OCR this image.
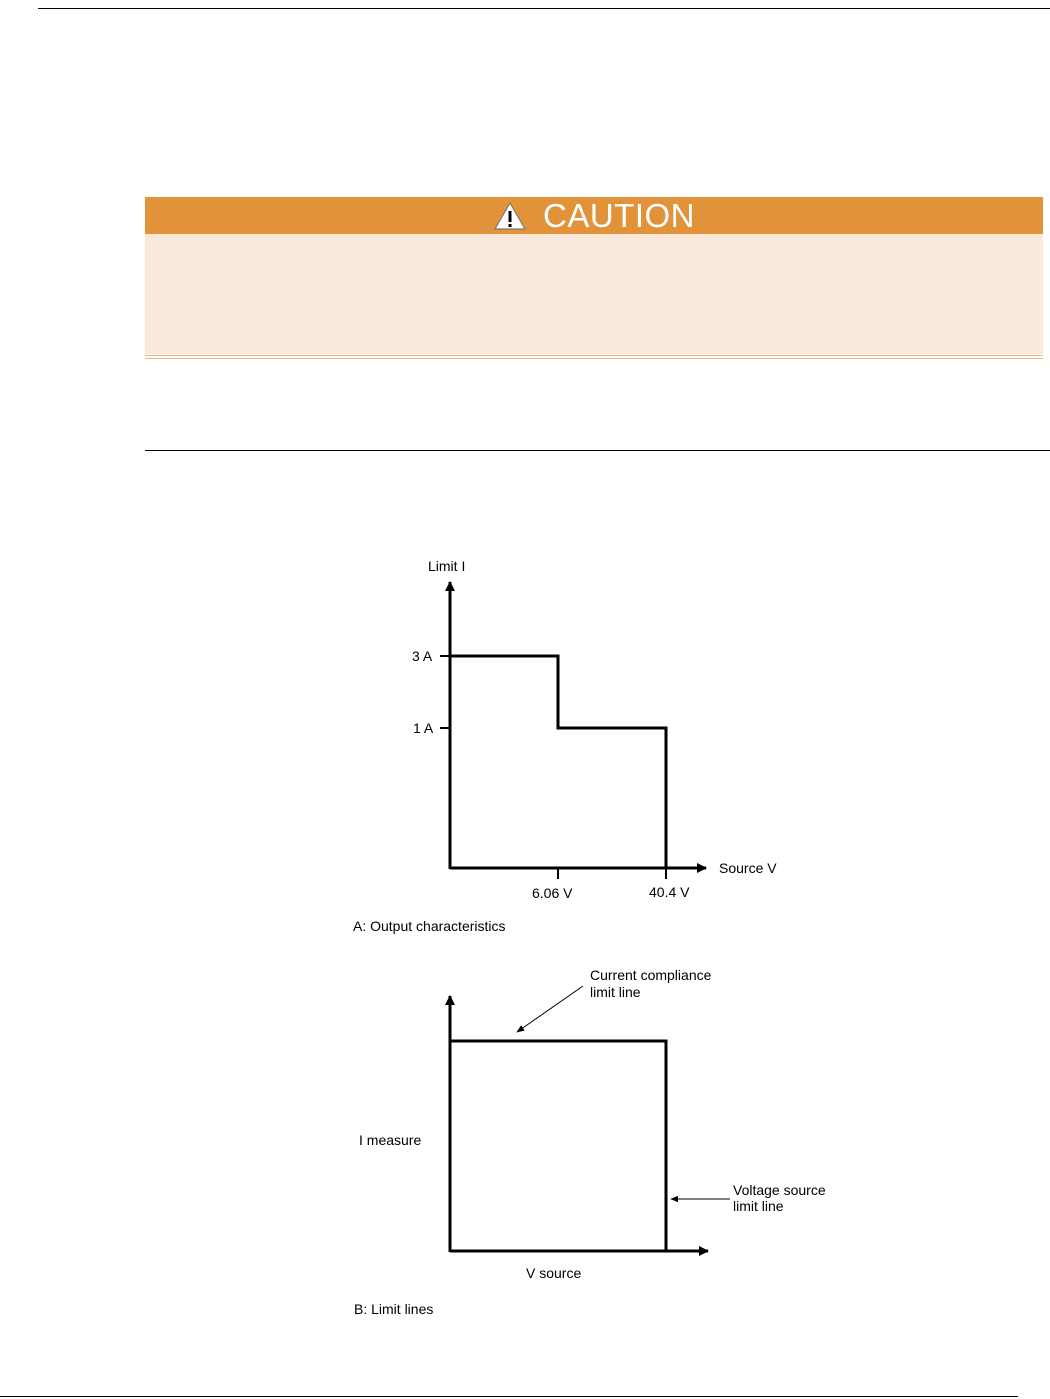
CAUTION
Limit I
Source V
3 A
1 A
6.06 V	40.4 V
A: Output characteristics
I measure
V source
Current compliance
limit line
Voltage source
limit line
B: Limit lines
